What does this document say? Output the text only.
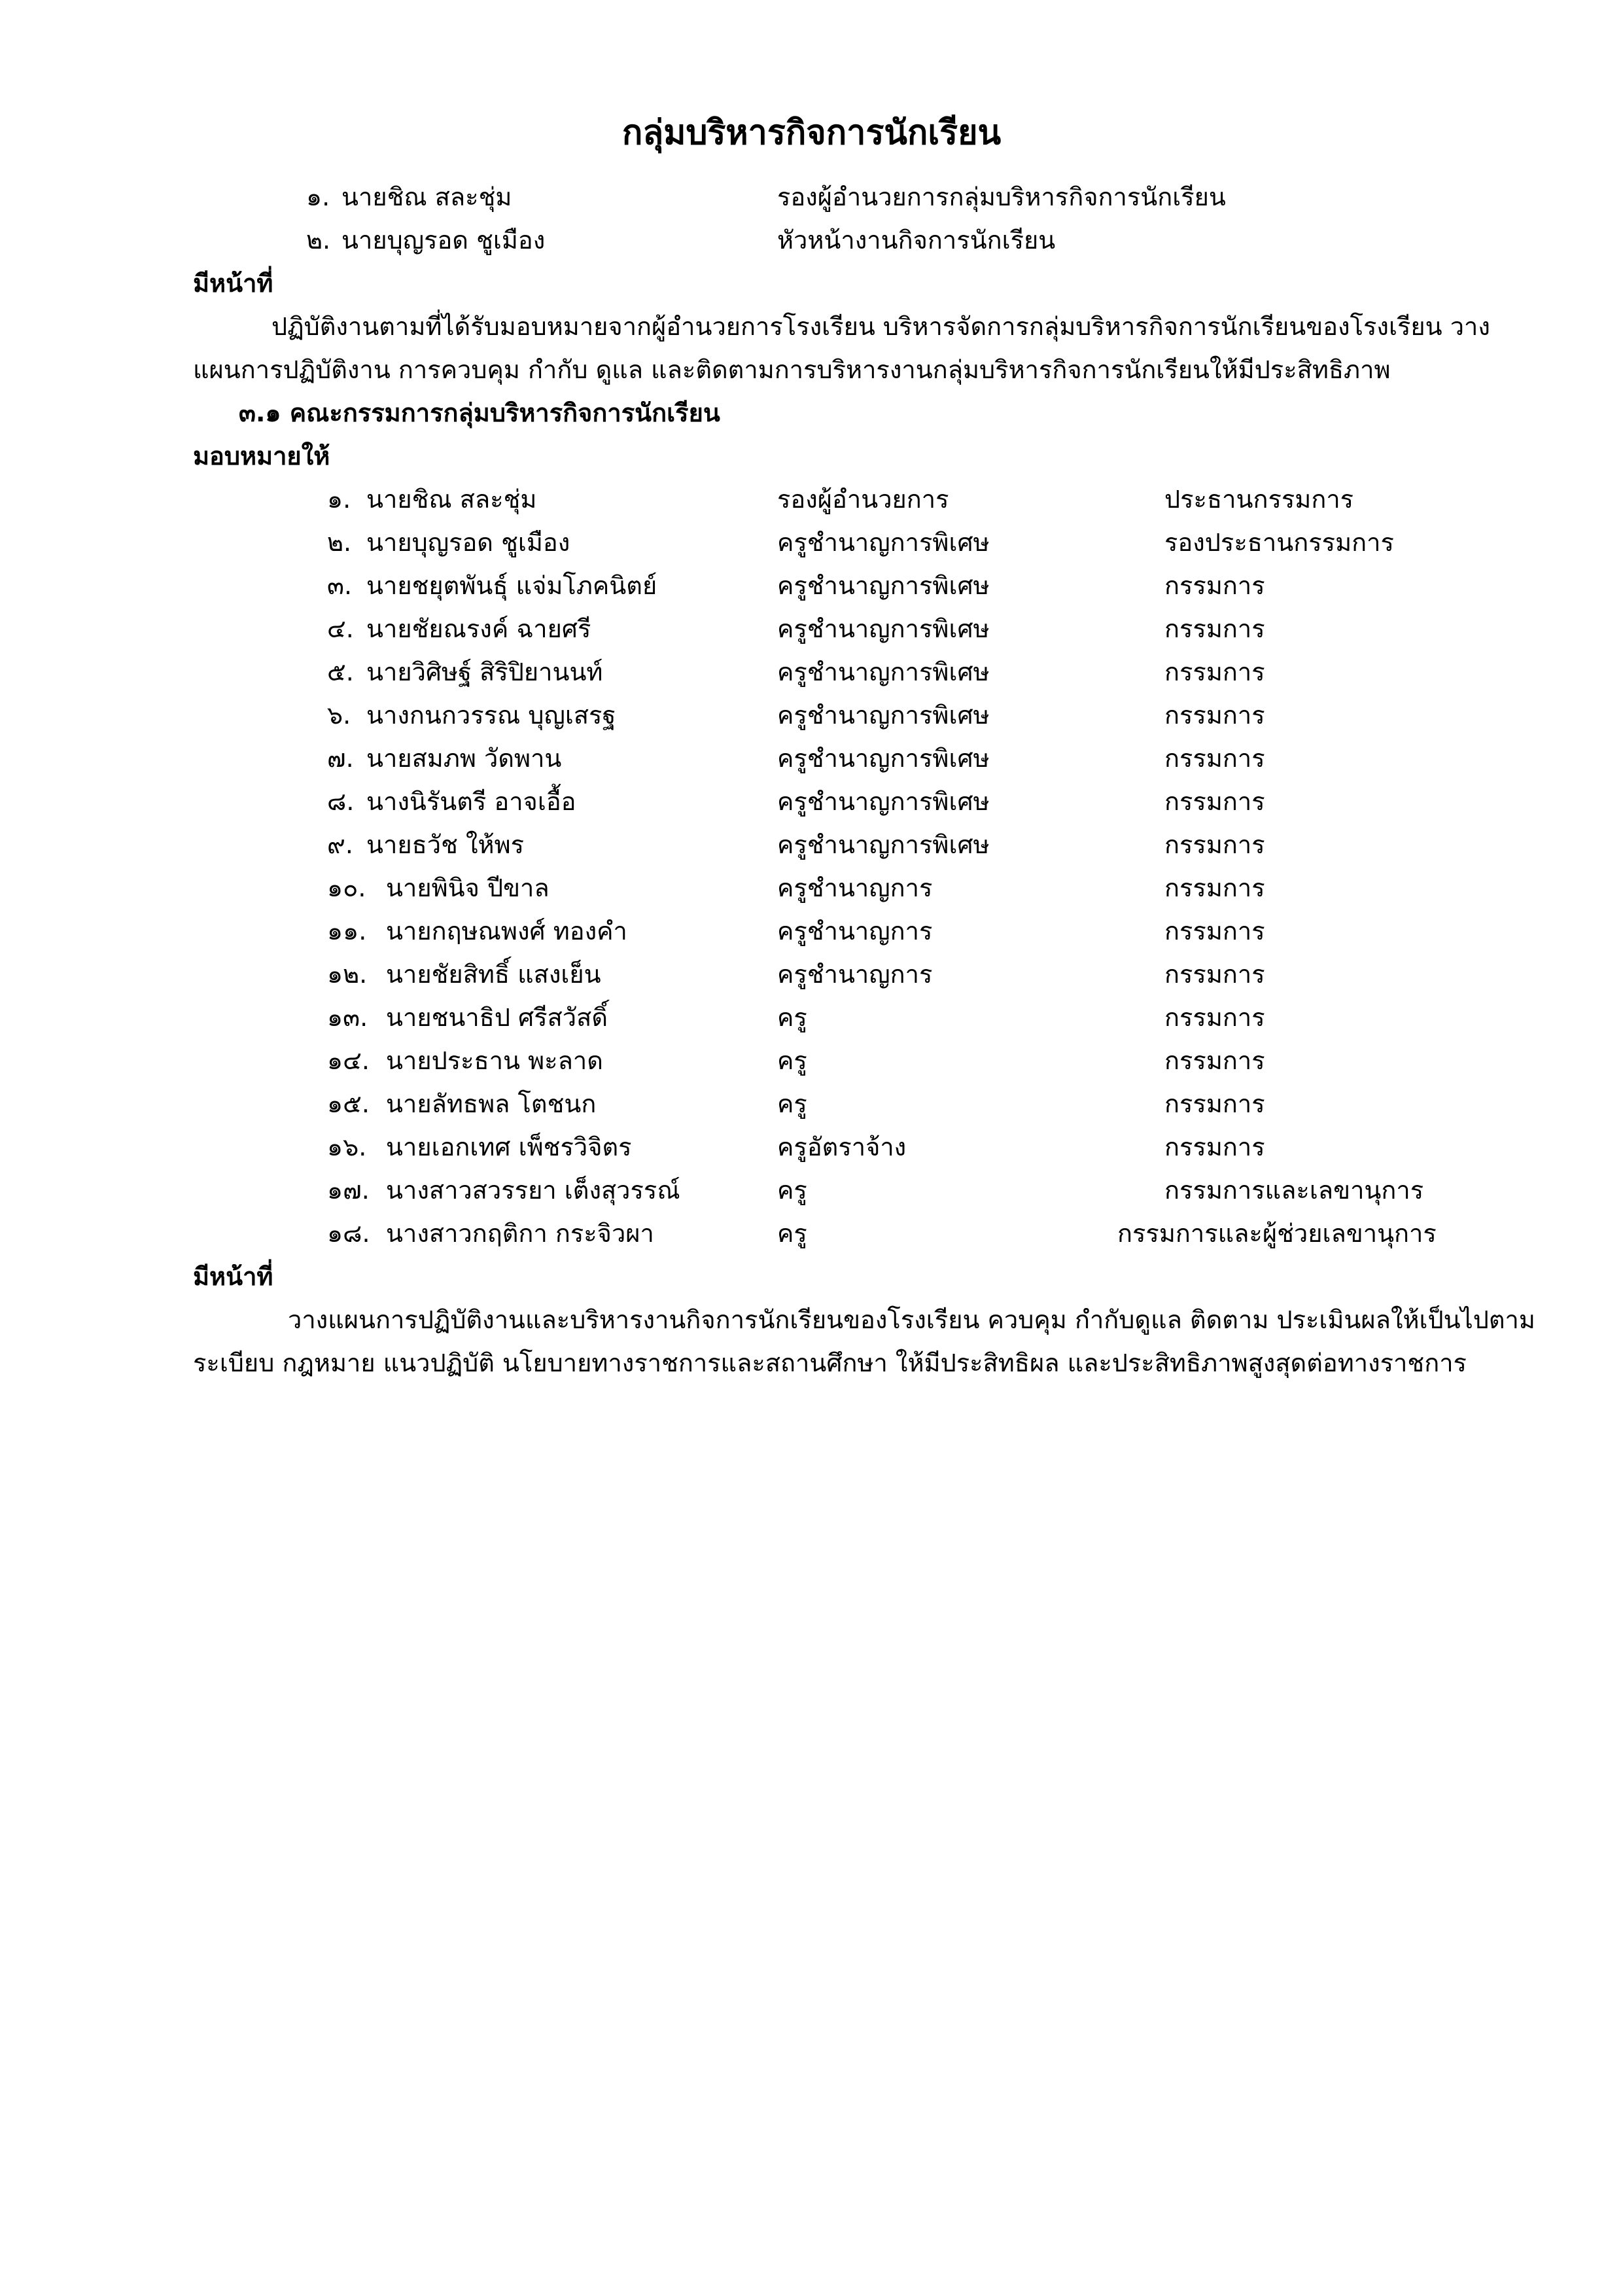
กลุ่มบริหารกิจการนักเรียน
๑. นายชิณ สละชุ่ม	รองผู้อำนวยการกลุ่มบริหารกิจการนักเรียน
๒. นายบุญรอด ชูเมือง	หัวหน้างานกิจการนักเรียน
มีหน้าที่
ปฏิบัติงานตามที่ได้รับมอบหมายจากผู้อำนวยการโรงเรียน บริหารจัดการกลุ่มบริหารกิจการนักเรียนของโรงเรียน วาง
แผนการปฏิบัติงาน การควบคุม กำกับ ดูแล และติดตามการบริหารงานกลุ่มบริหารกิจการนักเรียนให้มีประสิทธิภาพ
๓.๑ คณะกรรมการกลุ่มบริหารกิจการนักเรียน
มอบหมายให้
๑. นายชิณ สละชุ่ม	รองผู้อำนวยการ	ประธานกรรมการ
๒. นายบุญรอด ชูเมือง	ครูชำนาญการพิเศษ	รองประธานกรรมการ
๓. นายชยุตพันธุ์ แจ่มโภคนิตย์	ครูชำนาญการพิเศษ	กรรมการ
๔. นายชัยณรงค์ ฉายศรี	ครูชำนาญการพิเศษ	กรรมการ
๕. นายวิศิษฐ์ สิริปิยานนท์	ครูชำนาญการพิเศษ	กรรมการ
๖. นางกนกวรรณ บุญเสรฐ	ครูชำนาญการพิเศษ	กรรมการ
๗. นายสมภพ วัดพาน	ครูชำนาญการพิเศษ	กรรมการ
๘. นางนิรันตรี อาจเอื้อ	ครูชำนาญการพิเศษ	กรรมการ
๙. นายธวัช ให้พร	ครูชำนาญการพิเศษ	กรรมการ
๑๐. นายพินิจ ปีขาล	ครูชำนาญการ	กรรมการ
๑๑. นายกฤษณพงศ์ ทองคำ	ครูชำนาญการ	กรรมการ
๑๒. นายชัยสิทธิ์ แสงเย็น	ครูชำนาญการ	กรรมการ
๑๓. นายชนาธิป ศรีสวัสดิ์	ครู	กรรมการ
๑๔. นายประธาน พะลาด	ครู	กรรมการ
๑๕. นายลัทธพล โตชนก	ครู	กรรมการ
๑๖. นายเอกเทศ เพ็ชรวิจิตร	ครูอัตราจ้าง	กรรมการ
๑๗. นางสาวสวรรยา เต็งสุวรรณ์	ครู	กรรมการและเลขานุการ
๑๘. นางสาวกฤติกา กระจิวผา	ครู	กรรมการและผู้ช่วยเลขานุการ
มีหน้าที่
วางแผนการปฏิบัติงานและบริหารงานกิจการนักเรียนของโรงเรียน ควบคุม กำกับดูแล ติดตาม ประเมินผลให้เป็นไปตาม
ระเบียบ กฎหมาย แนวปฏิบัติ นโยบายทางราชการและสถานศึกษา ให้มีประสิทธิผล และประสิทธิภาพสูงสุดต่อทางราชการ
